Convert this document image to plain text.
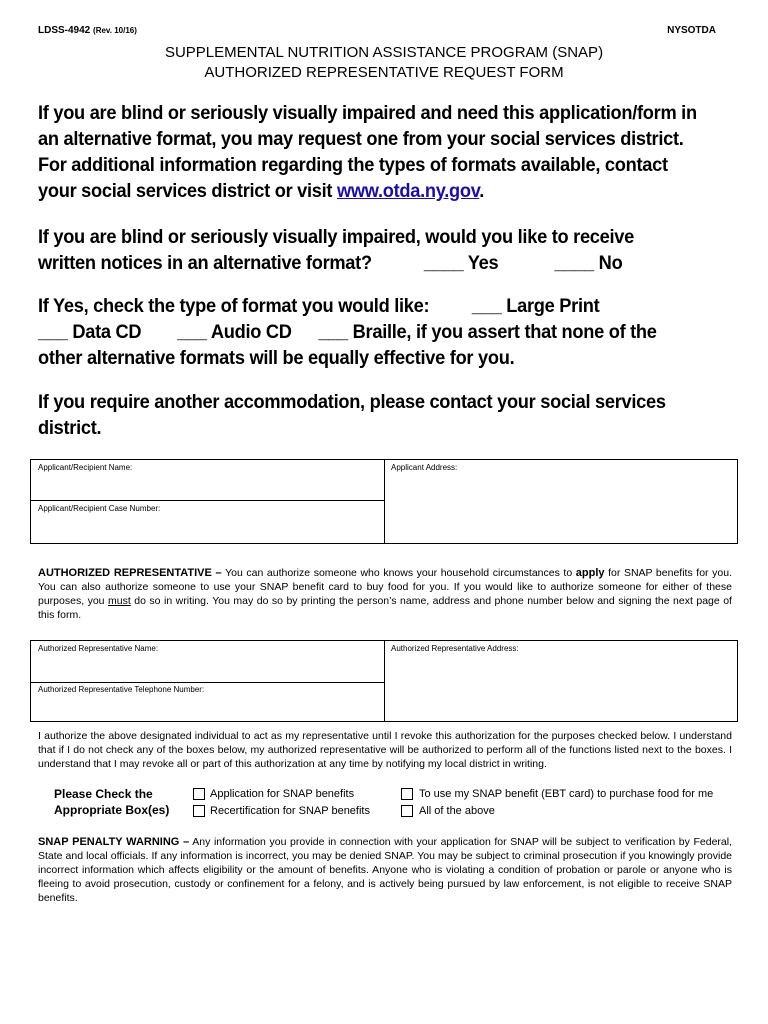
LDSS-4942 (Rev. 10/16)	NYSOTDA
SUPPLEMENTAL NUTRITION ASSISTANCE PROGRAM (SNAP)
AUTHORIZED REPRESENTATIVE REQUEST FORM
If you are blind or seriously visually impaired and need this application/form in an alternative format, you may request one from your social services district. For additional information regarding the types of formats available, contact your social services district or visit www.otda.ny.gov.
If you are blind or seriously visually impaired, would you like to receive
written notices in an alternative format?	____ Yes	____ No
If Yes, check the type of format you would like: ___ Large Print
___ Data CD ___ Audio CD ___ Braille, if you assert that none of the
other alternative formats will be equally effective for you.
If you require another accommodation, please contact your social services district.
Applicant/Recipient Name:
Applicant/Recipient Case Number:
Applicant Address:
AUTHORIZED REPRESENTATIVE – You can authorize someone who knows your household circumstances to apply for SNAP benefits for you. You can also authorize someone to use your SNAP benefit card to buy food for you. If you would like to authorize someone for either of these purposes, you must do so in writing. You may do so by printing the person’s name, address and phone number below and signing the next page of this form.
Authorized Representative Name:
Authorized Representative Telephone Number:
Authorized Representative Address:
I authorize the above designated individual to act as my representative until I revoke this authorization for the purposes checked below. I understand that if I do not check any of the boxes below, my authorized representative will be authorized to perform all of the functions listed next to the boxes. I understand that I may revoke all or part of this authorization at any time by notifying my local district in writing.
Please Check the
Appropriate Box(es)
Application for SNAP benefits
Recertification for SNAP benefits
To use my SNAP benefit (EBT card) to purchase food for me
All of the above
SNAP PENALTY WARNING – Any information you provide in connection with your application for SNAP will be subject to verification by Federal, State and local officials. If any information is incorrect, you may be denied SNAP. You may be subject to criminal prosecution if you knowingly provide incorrect information which affects eligibility or the amount of benefits. Anyone who is violating a condition of probation or parole or anyone who is fleeing to avoid prosecution, custody or confinement for a felony, and is actively being pursued by law enforcement, is not eligible to receive SNAP benefits.
